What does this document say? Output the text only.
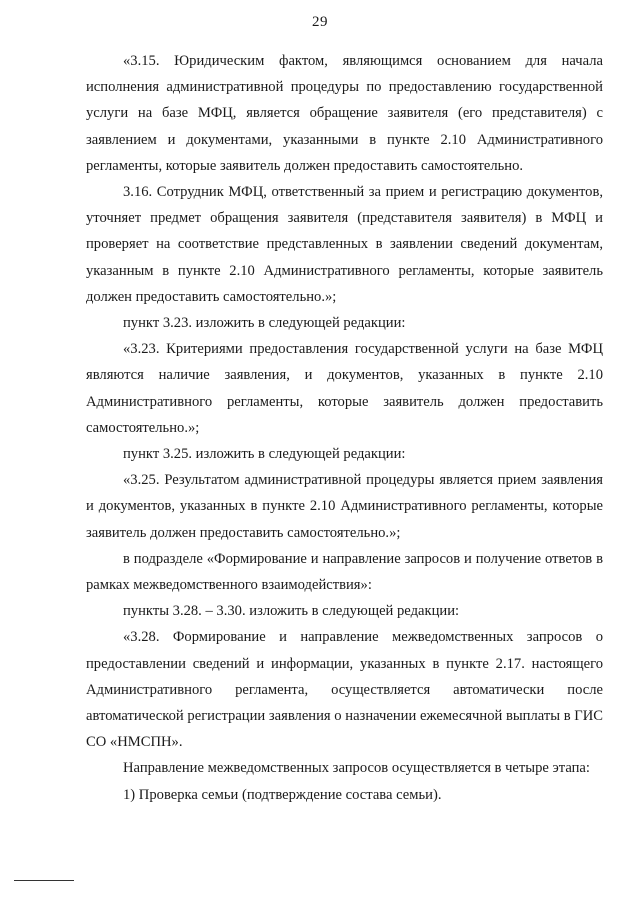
29

«3.15. Юридическим фактом, являющимся основанием для начала исполнения административной процедуры по предоставлению государственной услуги на базе МФЦ, является обращение заявителя (его представителя) с заявлением и документами, указанными в пункте 2.10 Административного регламенты, которые заявитель должен предоставить самостоятельно.

3.16. Сотрудник МФЦ, ответственный за прием и регистрацию документов, уточняет предмет обращения заявителя (представителя заявителя) в МФЦ и проверяет на соответствие представленных в заявлении сведений документам, указанным в пункте 2.10 Административного регламенты, которые заявитель должен предоставить самостоятельно.»;

пункт 3.23. изложить в следующей редакции:

«3.23. Критериями предоставления государственной услуги на базе МФЦ являются наличие заявления, и документов, указанных в пункте 2.10 Административного регламенты, которые заявитель должен предоставить самостоятельно.»;

пункт 3.25. изложить в следующей редакции:

«3.25. Результатом административной процедуры является прием заявления и документов, указанных в пункте 2.10 Административного регламенты, которые заявитель должен предоставить самостоятельно.»;

в подразделе «Формирование и направление запросов и получение ответов в рамках межведомственного взаимодействия»:

пункты 3.28. – 3.30. изложить в следующей редакции:

«3.28. Формирование и направление межведомственных запросов о предоставлении сведений и информации, указанных в пункте 2.17. настоящего Административного регламента, осуществляется автоматически после автоматической регистрации заявления о назначении ежемесячной выплаты в ГИС СО «НМСПН».

Направление межведомственных запросов осуществляется в четыре этапа:

1) Проверка семьи (подтверждение состава семьи).
